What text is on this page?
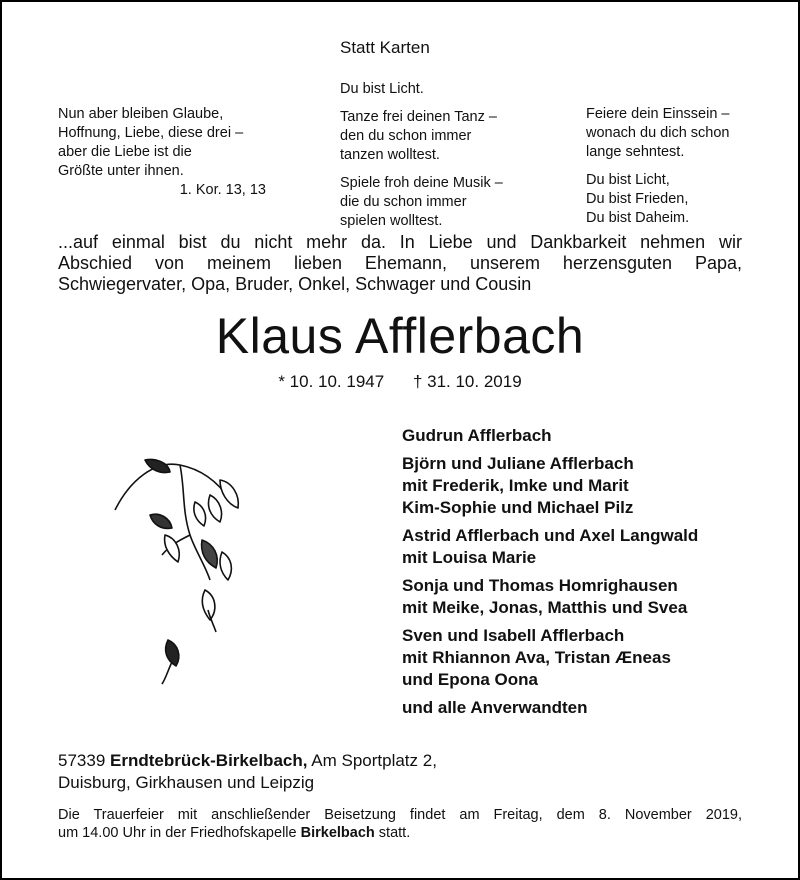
Statt Karten
Nun aber bleiben Glaube,
Hoffnung, Liebe, diese drei –
aber die Liebe ist die
Größte unter ihnen.
1. Kor. 13, 13
Du bist Licht.
Tanze frei deinen Tanz –
den du schon immer
tanzen wolltest.
Spiele froh deine Musik –
die du schon immer
spielen wolltest.
Feiere dein Einssein –
wonach du dich schon
lange sehntest.
Du bist Licht,
Du bist Frieden,
Du bist Daheim.
...auf einmal bist du nicht mehr da. In Liebe und Dankbarkeit nehmen wir
Abschied von meinem lieben Ehemann, unserem herzensguten Papa,
Schwiegervater, Opa, Bruder, Onkel, Schwager und Cousin
Klaus Afflerbach
* 10. 10. 1947 † 31. 10. 2019
Gudrun Afflerbach
Björn und Juliane Afflerbach
mit Frederik, Imke und Marit
Kim-Sophie und Michael Pilz
Astrid Afflerbach und Axel Langwald
mit Louisa Marie
Sonja und Thomas Homrighausen
mit Meike, Jonas, Matthis und Svea
Sven und Isabell Afflerbach
mit Rhiannon Ava, Tristan Æneas
und Epona Oona
und alle Anverwandten
57339 Erndtebrück-Birkelbach, Am Sportplatz 2,
Duisburg, Girkhausen und Leipzig
Die Trauerfeier mit anschließender Beisetzung findet am Freitag, dem 8. November 2019,
um 14.00 Uhr in der Friedhofskapelle Birkelbach statt.
